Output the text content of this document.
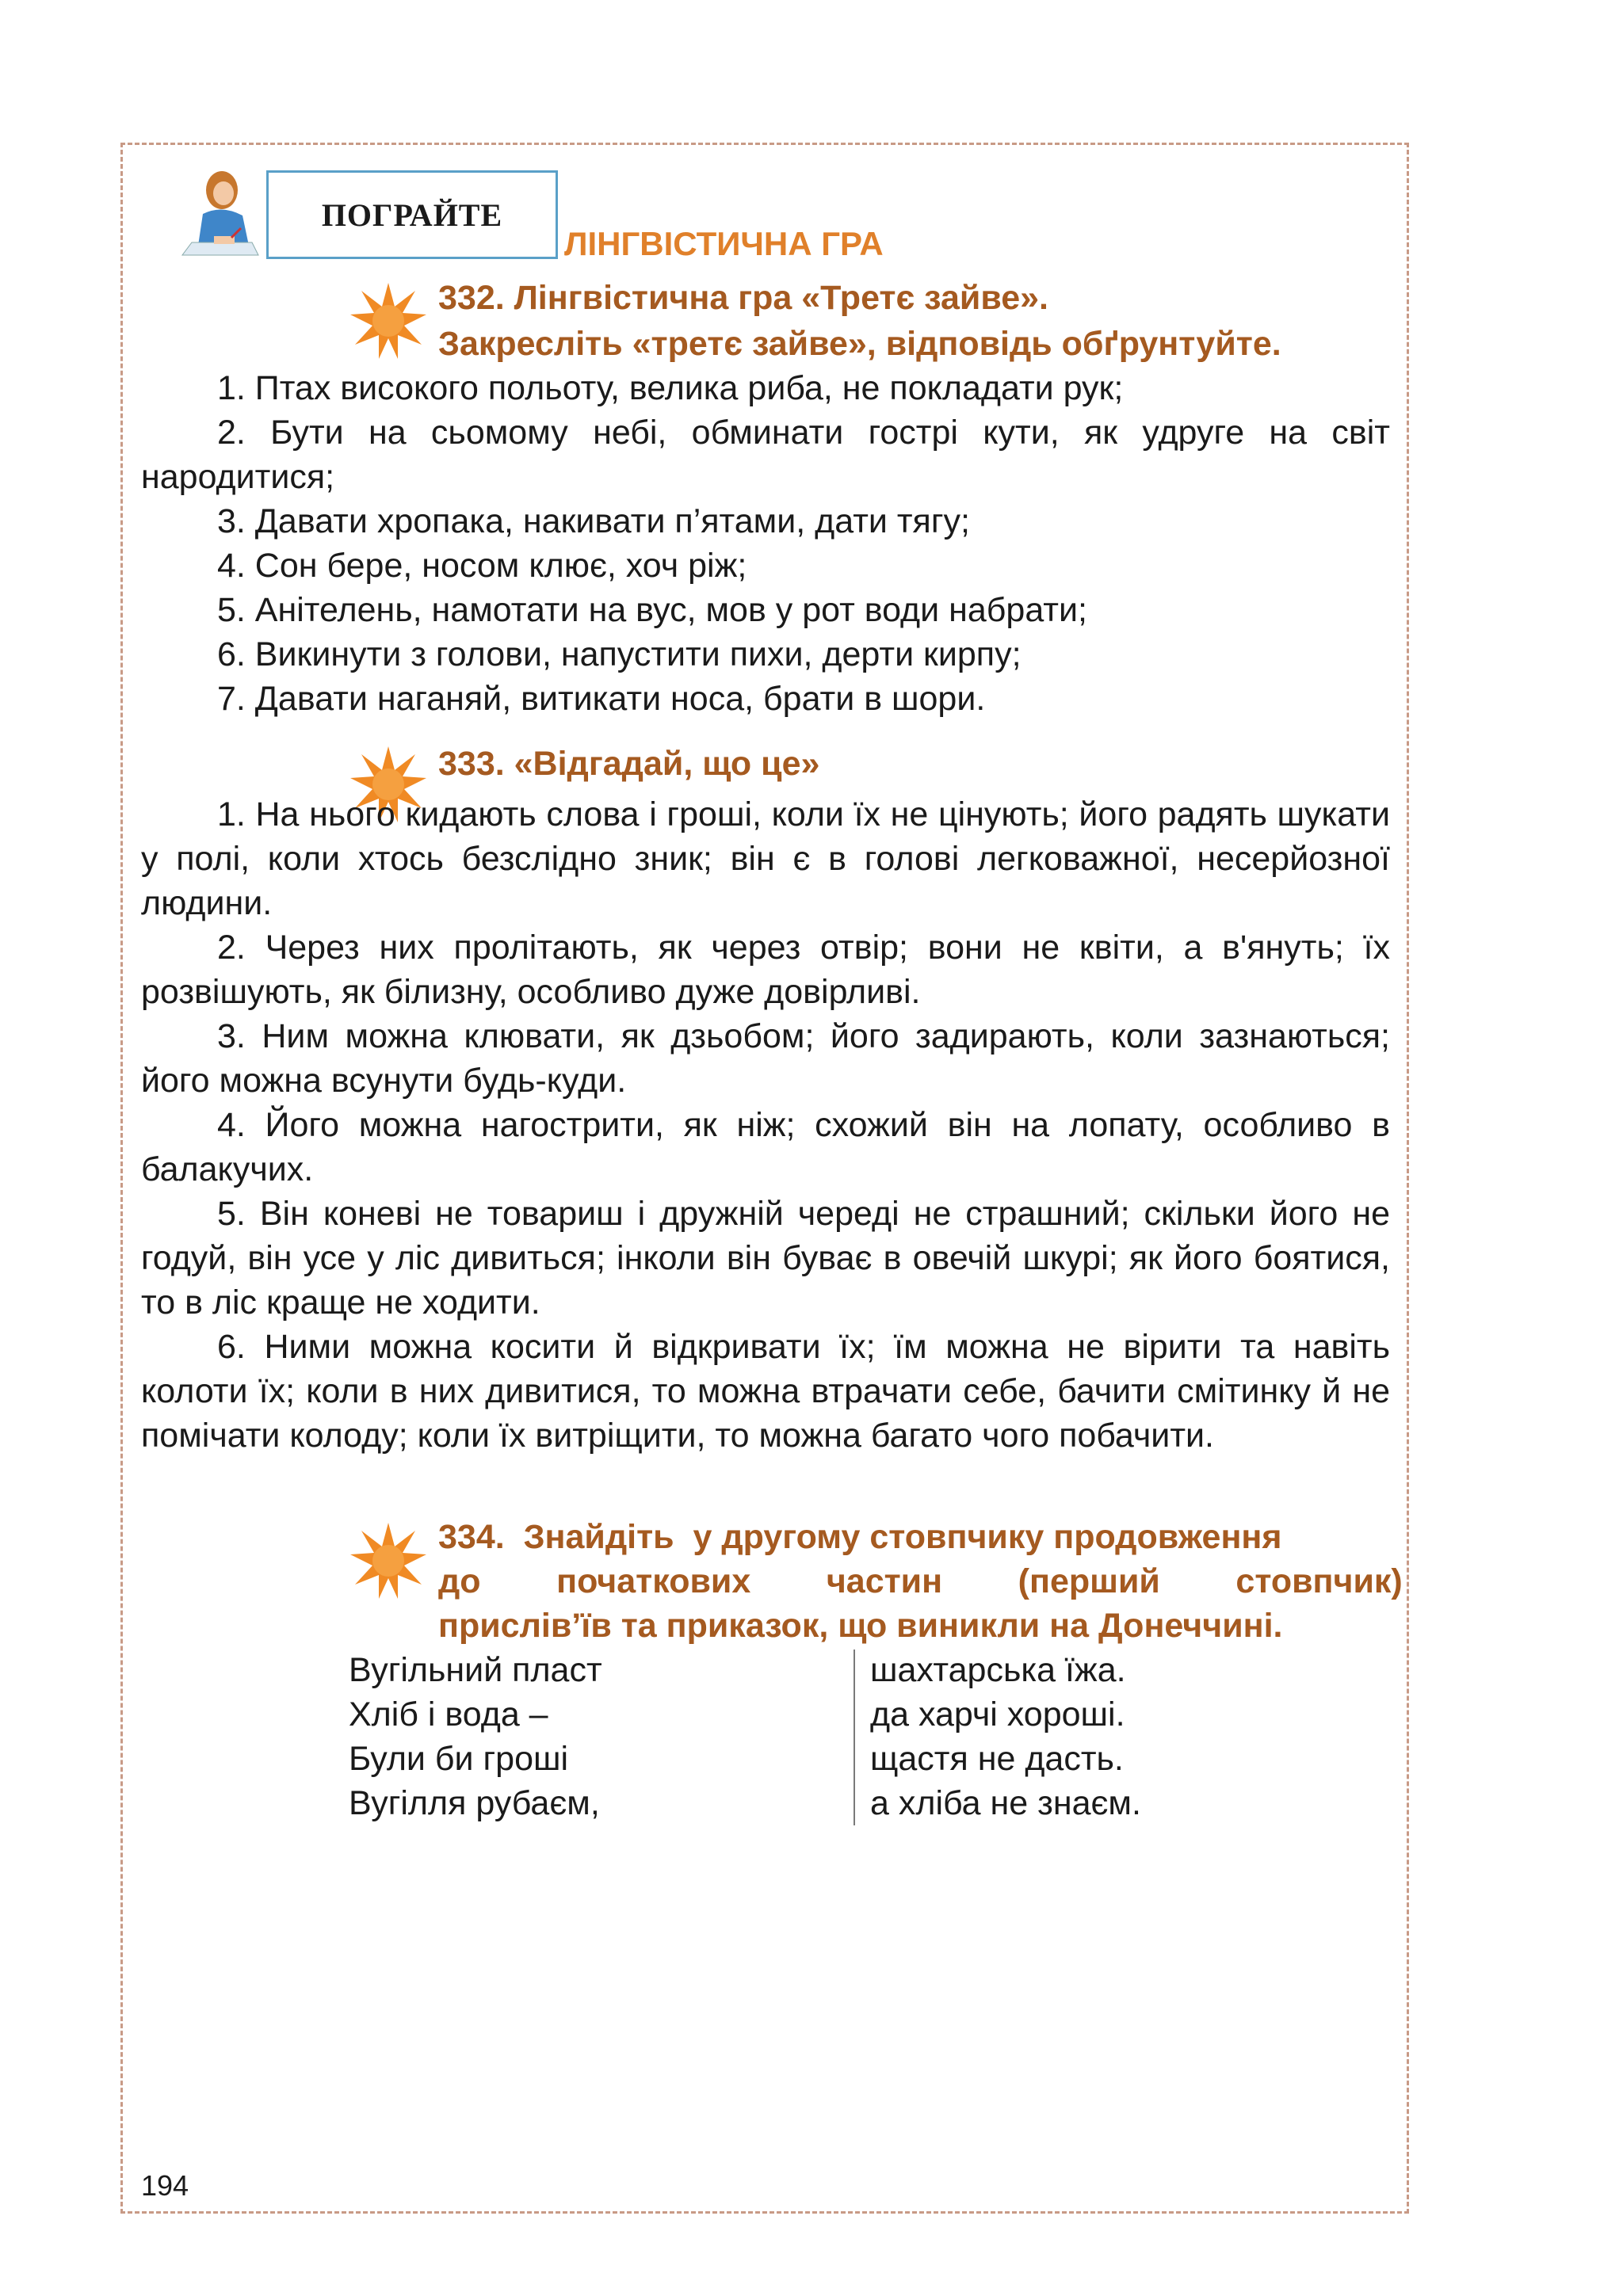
ПОГРАЙТЕ
ЛІНГВІСТИЧНА ГРА
332. Лінгвістична гра «Третє зайве».
Закресліть «третє зайве», відповідь обґрунтуйте.

1. Птах високого польоту, велика риба, не покладати рук;

2. Бути на сьомому небі, обминати гострі кути, як удруге на світ народитися;

3. Давати хропака, накивати п’ятами, дати тягу;

4. Сон бере, носом клює, хоч ріж;

5. Анітелень, намотати на вус, мов у рот води набрати;

6. Викинути з голови, напустити пихи, дерти кирпу;

7. Давати наганяй, витикати носа, брати в шори.

333. «Відгадай, що це»

1. На нього кидають слова і гроші, коли їх не цінують; його радять шукати у полі, коли хтось безслідно зник; він є в голові легковажної, несерйозної людини.

2. Через них пролітають, як через отвір; вони не квіти, а в'януть; їх розвішують, як білизну, особливо дуже довірливі.

3. Ним можна клювати, як дзьобом; його задирають, коли зазнаються; його можна всунути будь-куди.

4. Його можна нагострити, як ніж; схожий він на лопату, особливо в балакучих.

5. Він коневі не товариш і дружній череді не страшний; скільки його не годуй, він усе у ліс дивиться; інколи він буває в овечій шкурі; як його боятися, то в ліс краще не ходити.

6. Ними можна косити й відкривати їх; їм можна не вірити та навіть колоти їх; коли в них дивитися, то можна втрачати себе, бачити смітинку й не помічати колоду; коли їх витріщити, то можна багато чого побачити.

334.  Знайдіть  у другому стовпчику продовження
до        початкових        частин        (перший        стовпчик)
прислів’їв та приказок, що виникли на Донеччині.
Вугільний пласт
Хліб і вода –
Були би гроші
Вугілля рубаєм,
шахтарська їжа.
да харчі хороші.
щастя не дасть.
а хліба не знаєм.
194
